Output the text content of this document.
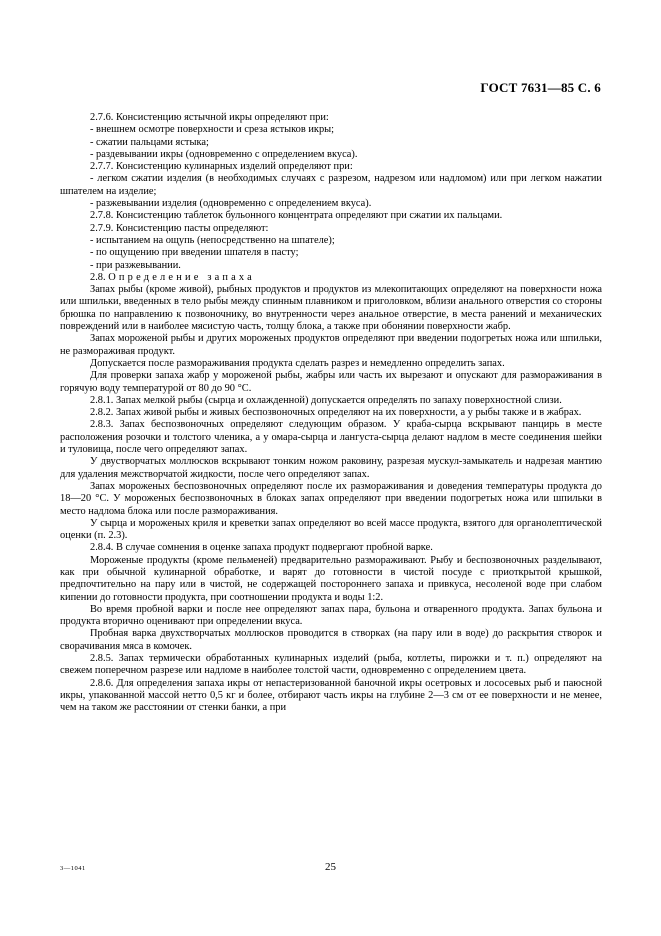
ГОСТ 7631—85 С. 6

2.7.6. Консистенцию ястычной икры определяют при:

- внешнем осмотре поверхности и среза ястыков икры;

- сжатии пальцами ястыка;

- раздевывании икры (одновременно с определением вкуса).

2.7.7. Консистенцию кулинарных изделий определяют при:

- легком сжатии изделия (в необходимых случаях с разрезом, надрезом или надломом) или при легком нажатии шпателем на изделие;

- разжевывании изделия (одновременно с определением вкуса).

2.7.8. Консистенцию таблеток бульонного концентрата определяют при сжатии их пальцами.

2.7.9. Консистенцию пасты определяют:

- испытанием на ощупь (непосредственно на шпателе);

- по ощущению при введении шпателя в пасту;

- при разжевывании.

2.8. Определение запаха

Запах рыбы (кроме живой), рыбных продуктов и продуктов из млекопитающих определяют на поверхности ножа или шпильки, введенных в тело рыбы между спинным плавником и приголовком, вблизи анального отверстия со стороны брюшка по направлению к позвоночнику, во внутренности через анальное отверстие, в места ранений и механических повреждений или в наиболее мясистую часть, толщу блока, а также при обонянии поверхности жабр.

Запах мороженой рыбы и других мороженых продуктов определяют при введении подогретых ножа или шпильки, не размораживая продукт.

Допускается после размораживания продукта сделать разрез и немедленно определить запах.

Для проверки запаха жабр у мороженой рыбы, жабры или часть их вырезают и опускают для размораживания в горячую воду температурой от 80 до 90 °С.

2.8.1. Запах мелкой рыбы (сырца и охлажденной) допускается определять по запаху поверхностной слизи.

2.8.2. Запах живой рыбы и живых беспозвоночных определяют на их поверхности, а у рыбы также и в жабрах.

2.8.3. Запах беспозвоночных определяют следующим образом. У краба-сырца вскрывают панцирь в месте расположения розочки и толстого членика, а у омара-сырца и лангуста-сырца делают надлом в месте соединения шейки и туловища, после чего определяют запах.

У двустворчатых моллюсков вскрывают тонким ножом раковину, разрезая мускул-замыкатель и надрезая мантию для удаления межстворчатой жидкости, после чего определяют запах.

Запах мороженых беспозвоночных определяют после их размораживания и доведения температуры продукта до 18—20 °С. У мороженых беспозвоночных в блоках запах определяют при введении подогретых ножа или шпильки в место надлома блока или после размораживания.

У сырца и мороженых криля и креветки запах определяют во всей массе продукта, взятого для органолептической оценки (п. 2.3).

2.8.4. В случае сомнения в оценке запаха продукт подвергают пробной варке.

Мороженые продукты (кроме пельменей) предварительно размораживают. Рыбу и беспозвоночных разделывают, как при обычной кулинарной обработке, и варят до готовности в чистой посуде с приоткрытой крышкой, предпочтительно на пару или в чистой, не содержащей постороннего запаха и привкуса, несоленой воде при слабом кипении до готовности продукта, при соотношении продукта и воды 1:2.

Во время пробной варки и после нее определяют запах пара, бульона и отваренного продукта. Запах бульона и продукта вторично оценивают при определении вкуса.

Пробная варка двухстворчатых моллюсков проводится в створках (на пару или в воде) до раскрытия створок и сворачивания мяса в комочек.

2.8.5. Запах термически обработанных кулинарных изделий (рыба, котлеты, пирожки и т. п.) определяют на свежем поперечном разрезе или надломе в наиболее толстой части, одновременно с определением цвета.

2.8.6. Для определения запаха икры от непастеризованной баночной икры осетровых и лососевых рыб и паюсной икры, упакованной массой нетто 0,5 кг и более, отбирают часть икры на глубине 2—3 см от ее поверхности и не менее, чем на таком же расстоянии от стенки банки, а при

3—1041	25
